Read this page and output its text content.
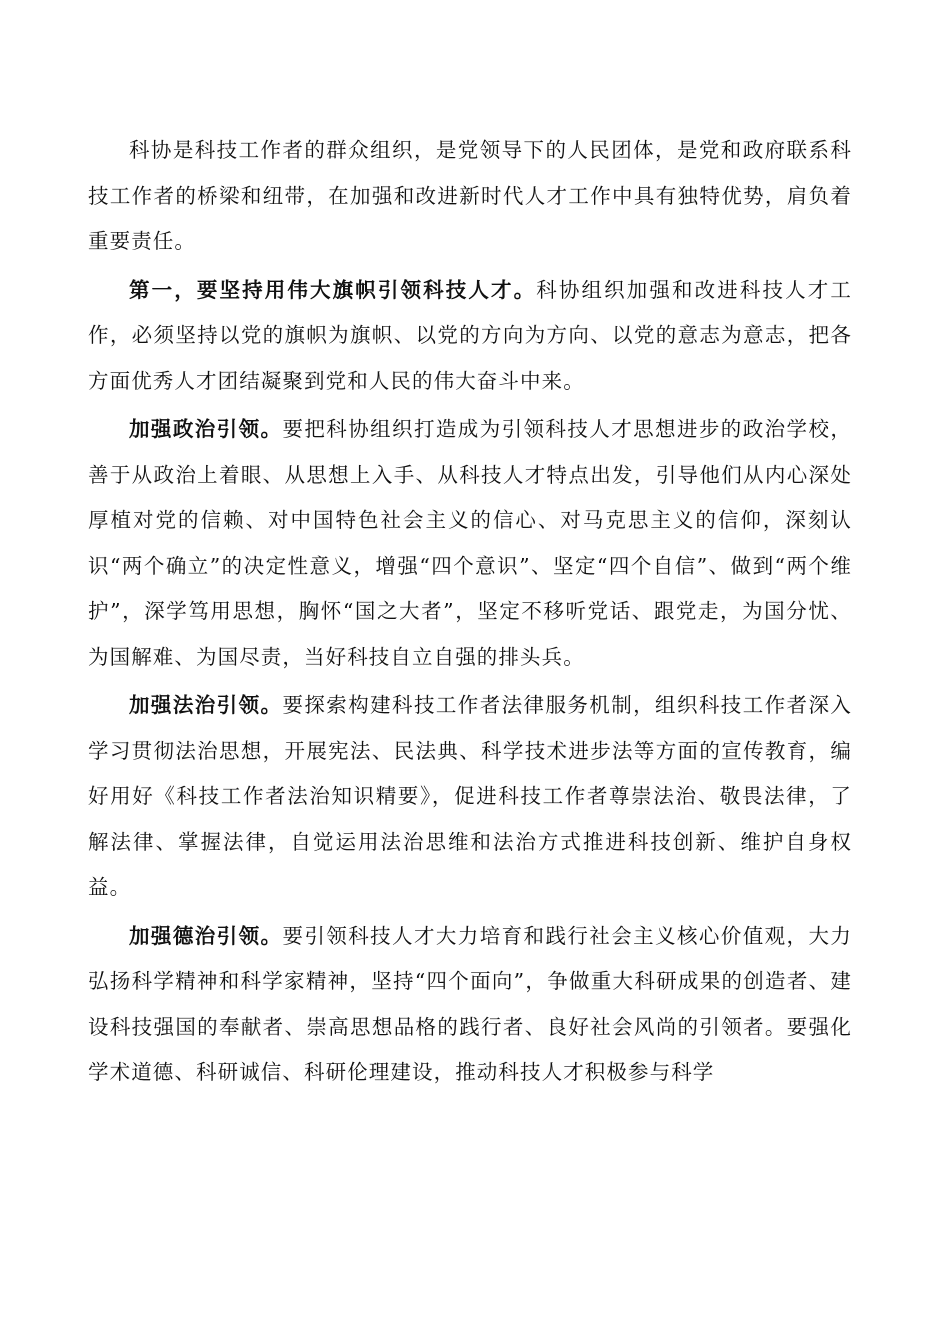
科协是科技工作者的群众组织，是党领导下的人民团体，是党和政府联系科技工作者的桥梁和纽带，在加强和改进新时代人才工作中具有独特优势，肩负着重要责任。

第一，要坚持用伟大旗帜引领科技人才。科协组织加强和改进科技人才工作，必须坚持以党的旗帜为旗帜、以党的方向为方向、以党的意志为意志，把各方面优秀人才团结凝聚到党和人民的伟大奋斗中来。

加强政治引领。要把科协组织打造成为引领科技人才思想进步的政治学校，善于从政治上着眼、从思想上入手、从科技人才特点出发，引导他们从内心深处厚植对党的信赖、对中国特色社会主义的信心、对马克思主义的信仰，深刻认识“两个确立”的决定性意义，增强“四个意识”、坚定“四个自信”、做到“两个维护”，深学笃用思想，胸怀“国之大者”，坚定不移听党话、跟党走，为国分忧、为国解难、为国尽责，当好科技自立自强的排头兵。

加强法治引领。要探索构建科技工作者法律服务机制，组织科技工作者深入学习贯彻法治思想，开展宪法、民法典、科学技术进步法等方面的宣传教育，编好用好《科技工作者法治知识精要》，促进科技工作者尊崇法治、敬畏法律，了解法律、掌握法律，自觉运用法治思维和法治方式推进科技创新、维护自身权益。

加强德治引领。要引领科技人才大力培育和践行社会主义核心价值观，大力弘扬科学精神和科学家精神，坚持“四个面向”，争做重大科研成果的创造者、建设科技强国的奉献者、崇高思想品格的践行者、良好社会风尚的引领者。要强化学术道德、科研诚信、科研伦理建设，推动科技人才积极参与科学
